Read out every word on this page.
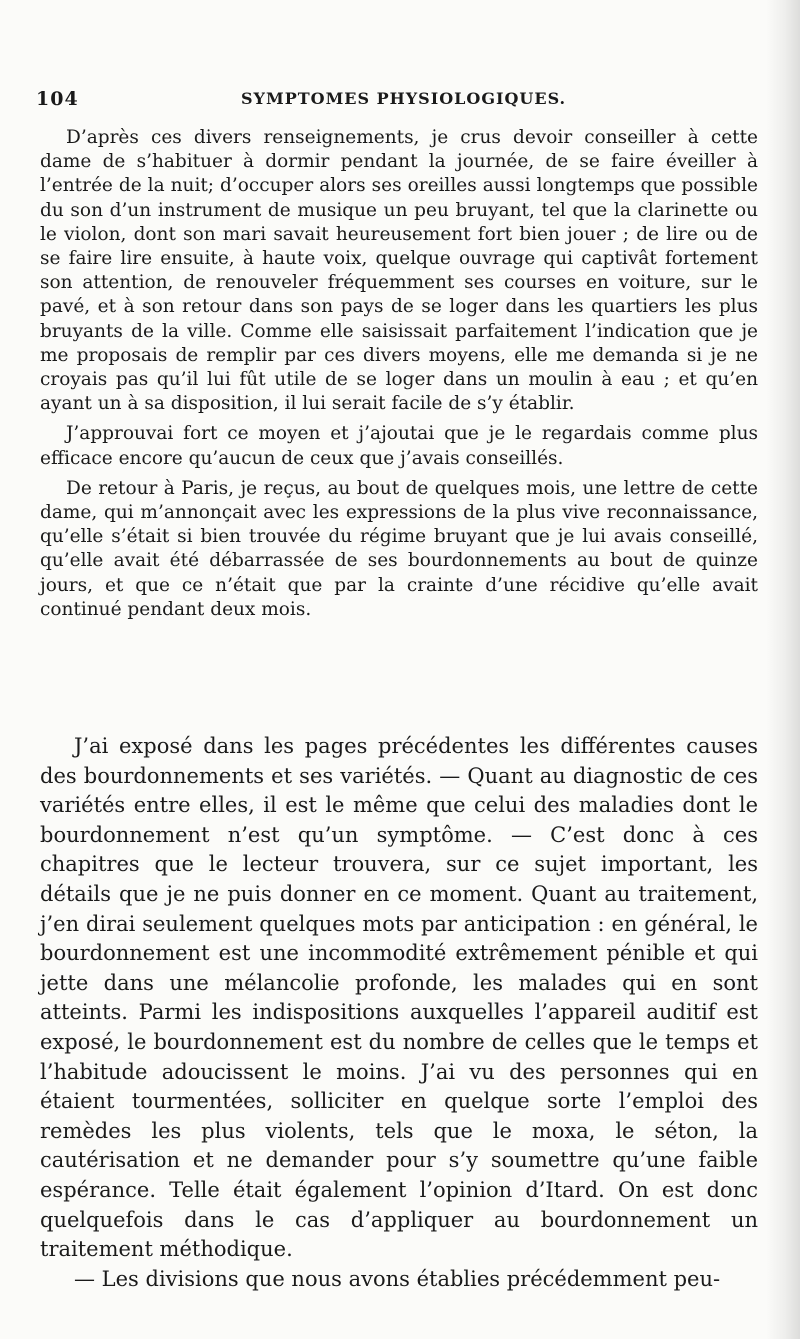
104	SYMPTOMES PHYSIOLOGIQUES.

D’après ces divers renseignements, je crus devoir conseiller à cette dame de s’habituer à dormir pendant la journée, de se faire éveiller à l’entrée de la nuit; d’occuper alors ses oreilles aussi longtemps que possible du son d’un instrument de musique un peu bruyant, tel que la clarinette ou le violon, dont son mari savait heureusement fort bien jouer ; de lire ou de se faire lire ensuite, à haute voix, quelque ouvrage qui captivât fortement son attention, de renouveler fréquemment ses courses en voiture, sur le pavé, et à son retour dans son pays de se loger dans les quartiers les plus bruyants de la ville. Comme elle saisissait parfaitement l’indication que je me proposais de remplir par ces divers moyens, elle me demanda si je ne croyais pas qu’il lui fût utile de se loger dans un moulin à eau ; et qu’en ayant un à sa disposition, il lui serait facile de s’y établir.

J’approuvai fort ce moyen et j’ajoutai que je le regardais comme plus efficace encore qu’aucun de ceux que j’avais conseillés.

De retour à Paris, je reçus, au bout de quelques mois, une lettre de cette dame, qui m’annonçait avec les expressions de la plus vive reconnaissance, qu’elle s’était si bien trouvée du régime bruyant que je lui avais conseillé, qu’elle avait été débarrassée de ses bourdonnements au bout de quinze jours, et que ce n’était que par la crainte d’une récidive qu’elle avait continué pendant deux mois.

J’ai exposé dans les pages précédentes les différentes causes des bourdonnements et ses variétés. — Quant au diagnostic de ces variétés entre elles, il est le même que celui des maladies dont le bourdonnement n’est qu’un symptôme. — C’est donc à ces chapitres que le lecteur trouvera, sur ce sujet important, les détails que je ne puis donner en ce moment. Quant au traitement, j’en dirai seulement quelques mots par anticipation : en général, le bourdonnement est une incommodité extrêmement pénible et qui jette dans une mélancolie profonde, les malades qui en sont atteints. Parmi les indispositions auxquelles l’appareil auditif est exposé, le bourdonnement est du nombre de celles que le temps et l’habitude adoucissent le moins. J’ai vu des personnes qui en étaient tourmentées, solliciter en quelque sorte l’emploi des remèdes les plus violents, tels que le moxa, le séton, la cautérisation et ne demander pour s’y soumettre qu’une faible espérance. Telle était également l’opinion d’Itard. On est donc quelquefois dans le cas d’appliquer au bourdonnement un traitement méthodique.

— Les divisions que nous avons établies précédemment peu-
